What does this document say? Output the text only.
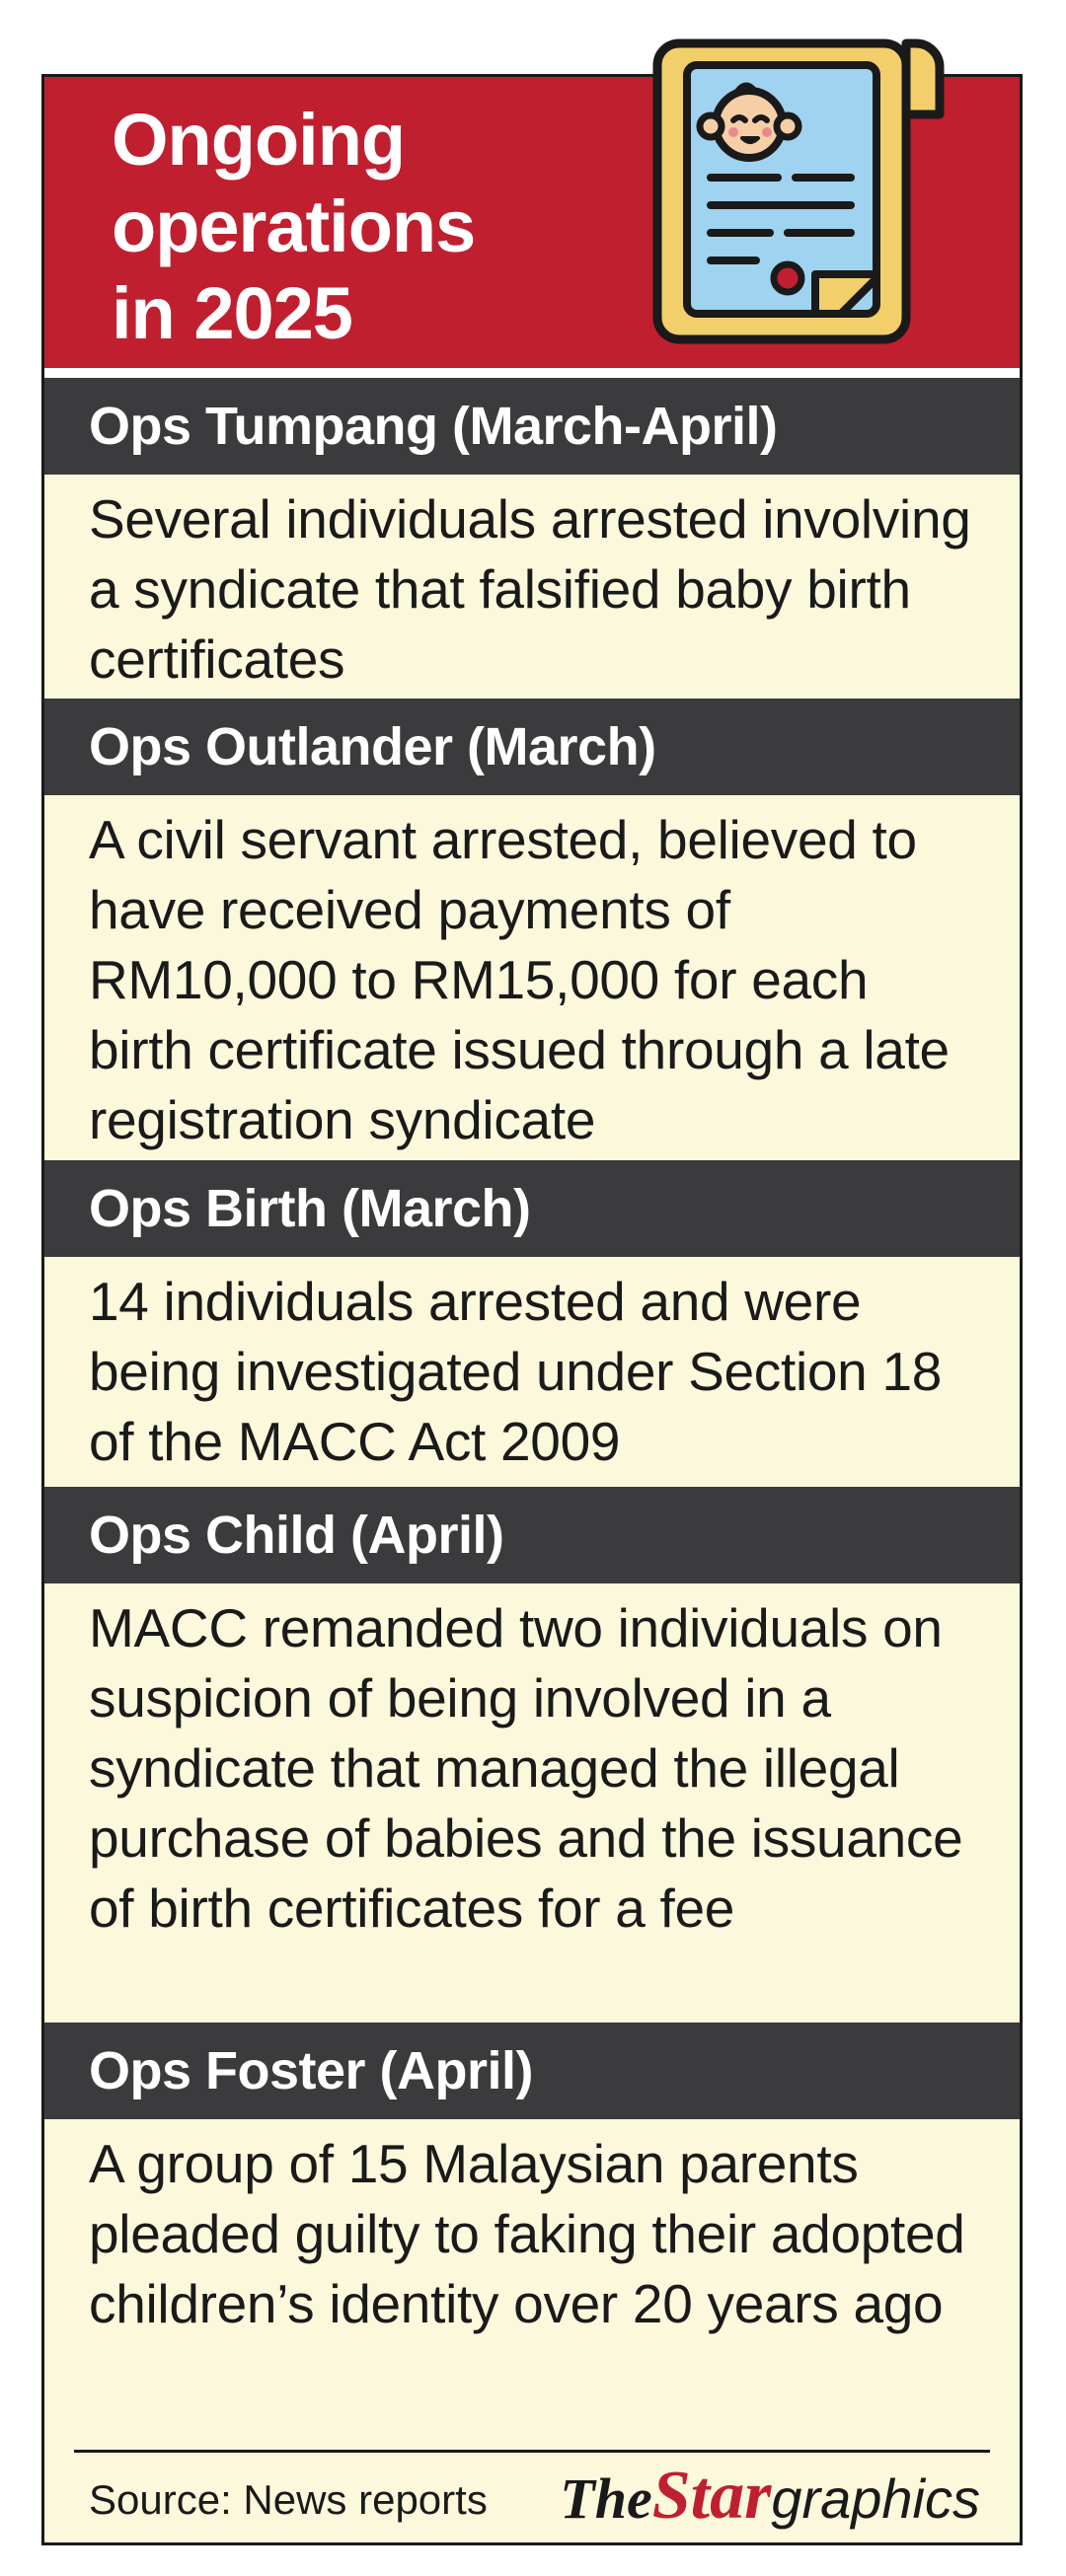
Ongoing
operations
in 2025
Ops Tumpang (March-April)
Several individuals arrested involving a syndicate that falsified baby birth certificates
Ops Outlander (March)
A civil servant arrested, believed to have received payments of RM10,000 to RM15,000 for each birth certificate issued through a late registration syndicate
Ops Birth (March)
14 individuals arrested and were being investigated under Section 18 of the MACC Act 2009
Ops Child (April)
MACC remanded two individuals on suspicion of being involved in a syndicate that managed the illegal purchase of babies and the issuance of birth certificates for a fee
Ops Foster (April)
A group of 15 Malaysian parents pleaded guilty to faking their adopted children’s identity over 20 years ago
Source: News reports TheStargraphics
